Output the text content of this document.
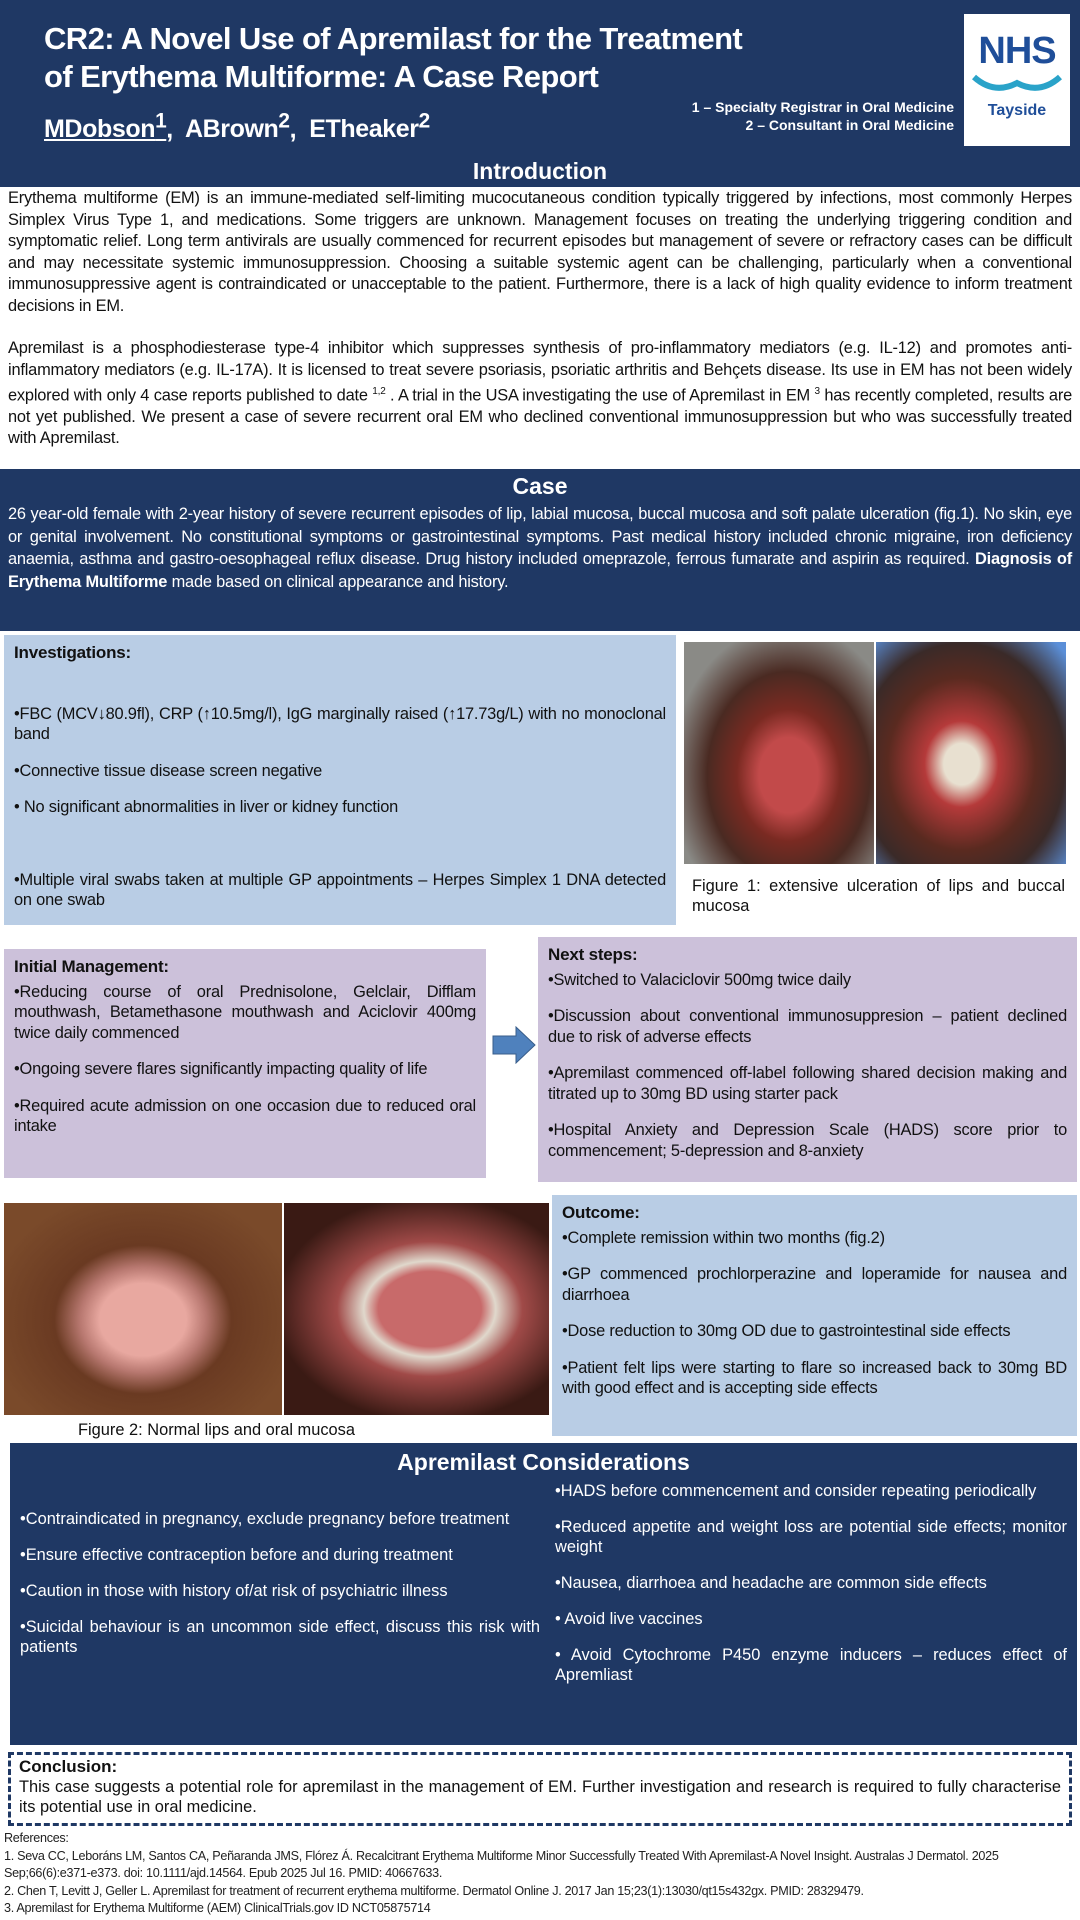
CR2: A Novel Use of Apremilast for the Treatment
of Erythema Multiforme: A Case Report
MDobson$^1$,  ABrown$^2$,  ETheaker$^2$
1 – Specialty Registrar in Oral Medicine
2 – Consultant in Oral Medicine
NHS
Tayside
Introduction

Erythema multiforme (EM) is an immune-mediated self-limiting mucocutaneous condition typically triggered by infections, most commonly Herpes Simplex Virus Type 1, and medications. Some triggers are unknown. Management focuses on treating the underlying triggering condition and symptomatic relief. Long term antivirals are usually commenced for recurrent episodes but management of severe or refractory cases can be difficult and may necessitate systemic immunosuppression. Choosing a suitable systemic agent can be challenging, particularly when a conventional immunosuppressive agent is contraindicated or unacceptable to the patient. Furthermore, there is a lack of high quality evidence to inform treatment decisions in EM.

Apremilast is a phosphodiesterase type-4 inhibitor which suppresses synthesis of pro-inflammatory mediators (e.g. IL-12) and promotes anti-inflammatory mediators (e.g. IL-17A). It is licensed to treat severe psoriasis, psoriatic arthritis and Behçets disease. Its use in EM has not been widely explored with only 4 case reports published to date $^{1,2}$ . A trial in the USA investigating the use of Apremilast in EM $^3$ has recently completed, results are not yet published. We present a case of severe recurrent oral EM who declined conventional immunosuppression but who was successfully treated with Apremilast.

Case

26 year-old female with 2-year history of severe recurrent episodes of lip, labial mucosa, buccal mucosa and soft palate ulceration (fig.1). No skin, eye or genital involvement. No constitutional symptoms or gastrointestinal symptoms. Past medical history included chronic migraine, iron deficiency anaemia, asthma and gastro-oesophageal reflux disease. Drug history included omeprazole, ferrous fumarate and aspirin as required. Diagnosis of Erythema Multiforme made based on clinical appearance and history.

Investigations:
•FBC (MCV↓80.9fl), CRP (↑10.5mg/l), IgG marginally raised (↑17.73g/L) with no monoclonal band
•Connective tissue disease screen negative
• No significant abnormalities in liver or kidney function
•Multiple viral swabs taken at multiple GP appointments – Herpes Simplex 1 DNA detected on one swab
Figure 1: extensive ulceration of lips and buccal mucosa
Initial Management:
•Reducing course of oral Prednisolone, Gelclair, Difflam mouthwash, Betamethasone mouthwash and Aciclovir 400mg twice daily commenced
•Ongoing severe flares significantly impacting quality of life
•Required acute admission on one occasion due to reduced oral intake
Next steps:
•Switched to Valaciclovir 500mg twice daily
•Discussion about conventional immunosuppresion – patient declined due to risk of adverse effects
•Apremilast commenced off-label following shared decision making and titrated up to 30mg BD using starter pack
•Hospital Anxiety and Depression Scale (HADS) score prior to commencement; 5-depression and 8-anxiety
Figure 2: Normal lips and oral mucosa
Outcome:
•Complete remission within two months (fig.2)
•GP commenced prochlorperazine and loperamide for nausea and diarrhoea
•Dose reduction to 30mg OD due to gastrointestinal side effects
•Patient felt lips were starting to flare so increased back to 30mg BD with good effect and is accepting side effects
Apremilast Considerations
•Contraindicated in pregnancy, exclude pregnancy before treatment
•Ensure effective contraception before and during treatment
•Caution in those with history of/at risk of psychiatric illness
•Suicidal behaviour is an uncommon side effect, discuss this risk with patients
•HADS before commencement and consider repeating periodically
•Reduced appetite and weight loss are potential side effects; monitor weight
•Nausea, diarrhoea and headache are common side effects
• Avoid live vaccines
• Avoid Cytochrome P450 enzyme inducers – reduces effect of Apremliast
Conclusion:
This case suggests a potential role for apremilast in the management of EM. Further investigation and research is required to fully characterise its potential use in oral medicine.
References:
1. Seva CC, Leboráns LM, Santos CA, Peñaranda JMS, Flórez Á. Recalcitrant Erythema Multiforme Minor Successfully Treated With Apremilast-A Novel Insight. Australas J Dermatol. 2025 Sep;66(6):e371-e373. doi: 10.1111/ajd.14564. Epub 2025 Jul 16. PMID: 40667633.
2. Chen T, Levitt J, Geller L. Apremilast for treatment of recurrent erythema multiforme. Dermatol Online J. 2017 Jan 15;23(1):13030/qt15s432gx. PMID: 28329479.
3. Apremilast for Erythema Multiforme (AEM) ClinicalTrials.gov ID NCT05875714
